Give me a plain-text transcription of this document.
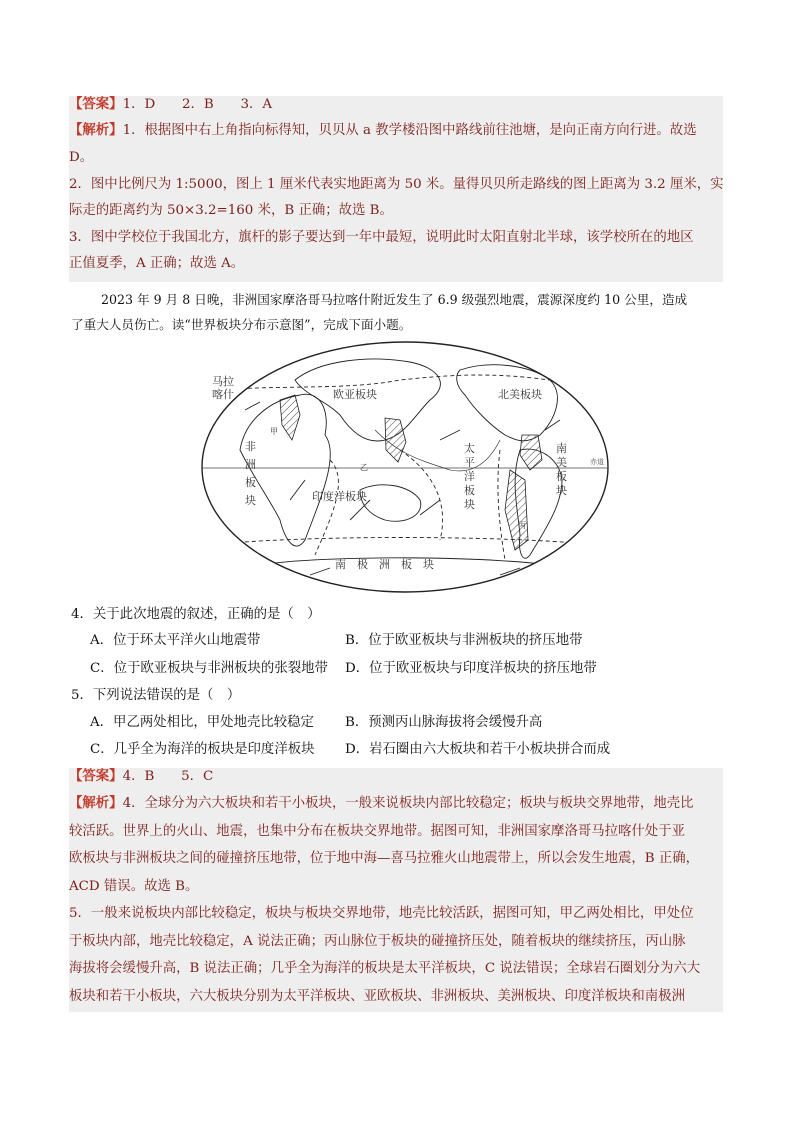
【答案】1．D　　2．B　　3．A
【解析】1．根据图中右上角指向标得知，贝贝从 a 教学楼沿图中路线前往池塘，是向正南方向行进。故选
D。
2．图中比例尺为 1:5000，图上 1 厘米代表实地距离为 50 米。量得贝贝所走路线的图上距离为 3.2 厘米，实
际走的距离约为 50×3.2=160 米，B 正确；故选 B。
3．图中学校位于我国北方，旗杆的影子要达到一年中最短，说明此时太阳直射北半球，该学校所在的地区
正值夏季，A 正确；故选 A。
2023 年 9 月 8 日晚，非洲国家摩洛哥马拉喀什附近发生了 6.9 级强烈地震，震源深度约 10 公里，造成
了重大人员伤亡。读“世界板块分布示意图”，完成下面小题。
欧亚板块	北美板块
马拉
喀什
非
洲
板
块
太
平
洋
板
块
南
美
板
块
印度洋板块
南　极　洲　板　块
甲
乙
丙
赤道
4．关于此次地震的叙述，正确的是（　）
A．位于环太平洋火山地震带	B．位于欧亚板块与非洲板块的挤压地带
C．位于欧亚板块与非洲板块的张裂地带 D．位于欧亚板块与印度洋板块的挤压地带
5．下列说法错误的是（　）
A．甲乙两处相比，甲处地壳比较稳定 B．预测丙山脉海拔将会缓慢升高
C．几乎全为海洋的板块是印度洋板块 D．岩石圈由六大板块和若干小板块拼合而成
【答案】4．B　　5．C
【解析】4．全球分为六大板块和若干小板块，一般来说板块内部比较稳定；板块与板块交界地带，地壳比
较活跃。世界上的火山、地震，也集中分布在板块交界地带。据图可知，非洲国家摩洛哥马拉喀什处于亚
欧板块与非洲板块之间的碰撞挤压地带，位于地中海—喜马拉雅火山地震带上，所以会发生地震，B 正确，
ACD 错误。故选 B。
5．一般来说板块内部比较稳定，板块与板块交界地带，地壳比较活跃，据图可知，甲乙两处相比，甲处位
于板块内部，地壳比较稳定，A 说法正确；丙山脉位于板块的碰撞挤压处，随着板块的继续挤压，丙山脉
海拔将会缓慢升高，B 说法正确；几乎全为海洋的板块是太平洋板块，C 说法错误；全球岩石圈划分为六大
板块和若干小板块，六大板块分别为太平洋板块、亚欧板块、非洲板块、美洲板块、印度洋板块和南极洲
